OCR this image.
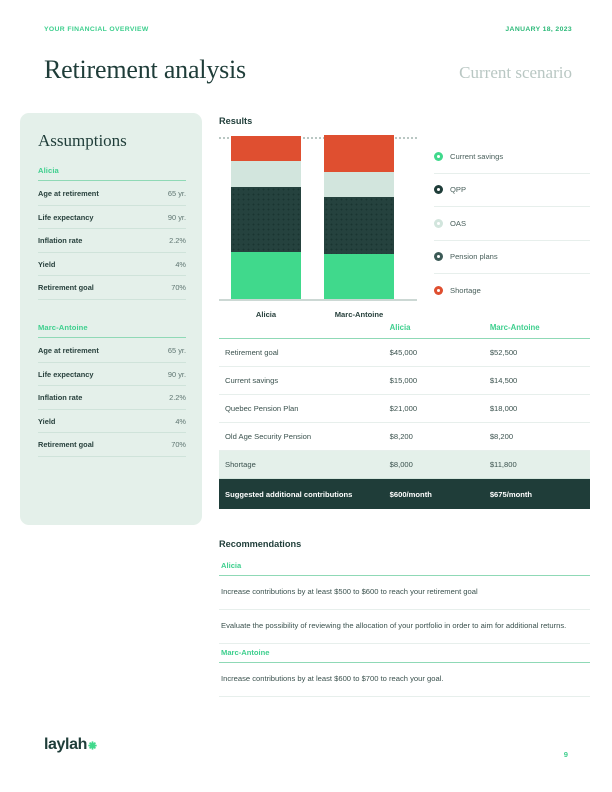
YOUR FINANCIAL OVERVIEW	JANUARY 18, 2023
Retirement analysis	Current scenario
Assumptions
Alicia
Age at retirement	65 yr.
Life expectancy	90 yr.
Inflation rate	2.2%
Yield	4%
Retirement goal	70%
Marc-Antoine
Age at retirement	65 yr.
Life expectancy	90 yr.
Inflation rate	2.2%
Yield	4%
Retirement goal	70%
Results
Alicia	Marc-Antoine
Current savings
QPP
OAS
Pension plans
Shortage
Alicia	Marc-Antoine
Retirement goal	$45,000	$52,500
Current savings	$15,000	$14,500
Quebec Pension Plan	$21,000	$18,000
Old Age Security Pension	$8,200	$8,200
Shortage	$8,000	$11,800
Suggested additional contributions	$600/month	$675/month
Recommendations
Alicia
Increase contributions by at least $500 to $600 to reach your retirement goal
Evaluate the possibility of reviewing the allocation of your portfolio in order to aim for additional returns.
Marc-Antoine
Increase contributions by at least $600 to $700 to reach your goal.
laylah
9
